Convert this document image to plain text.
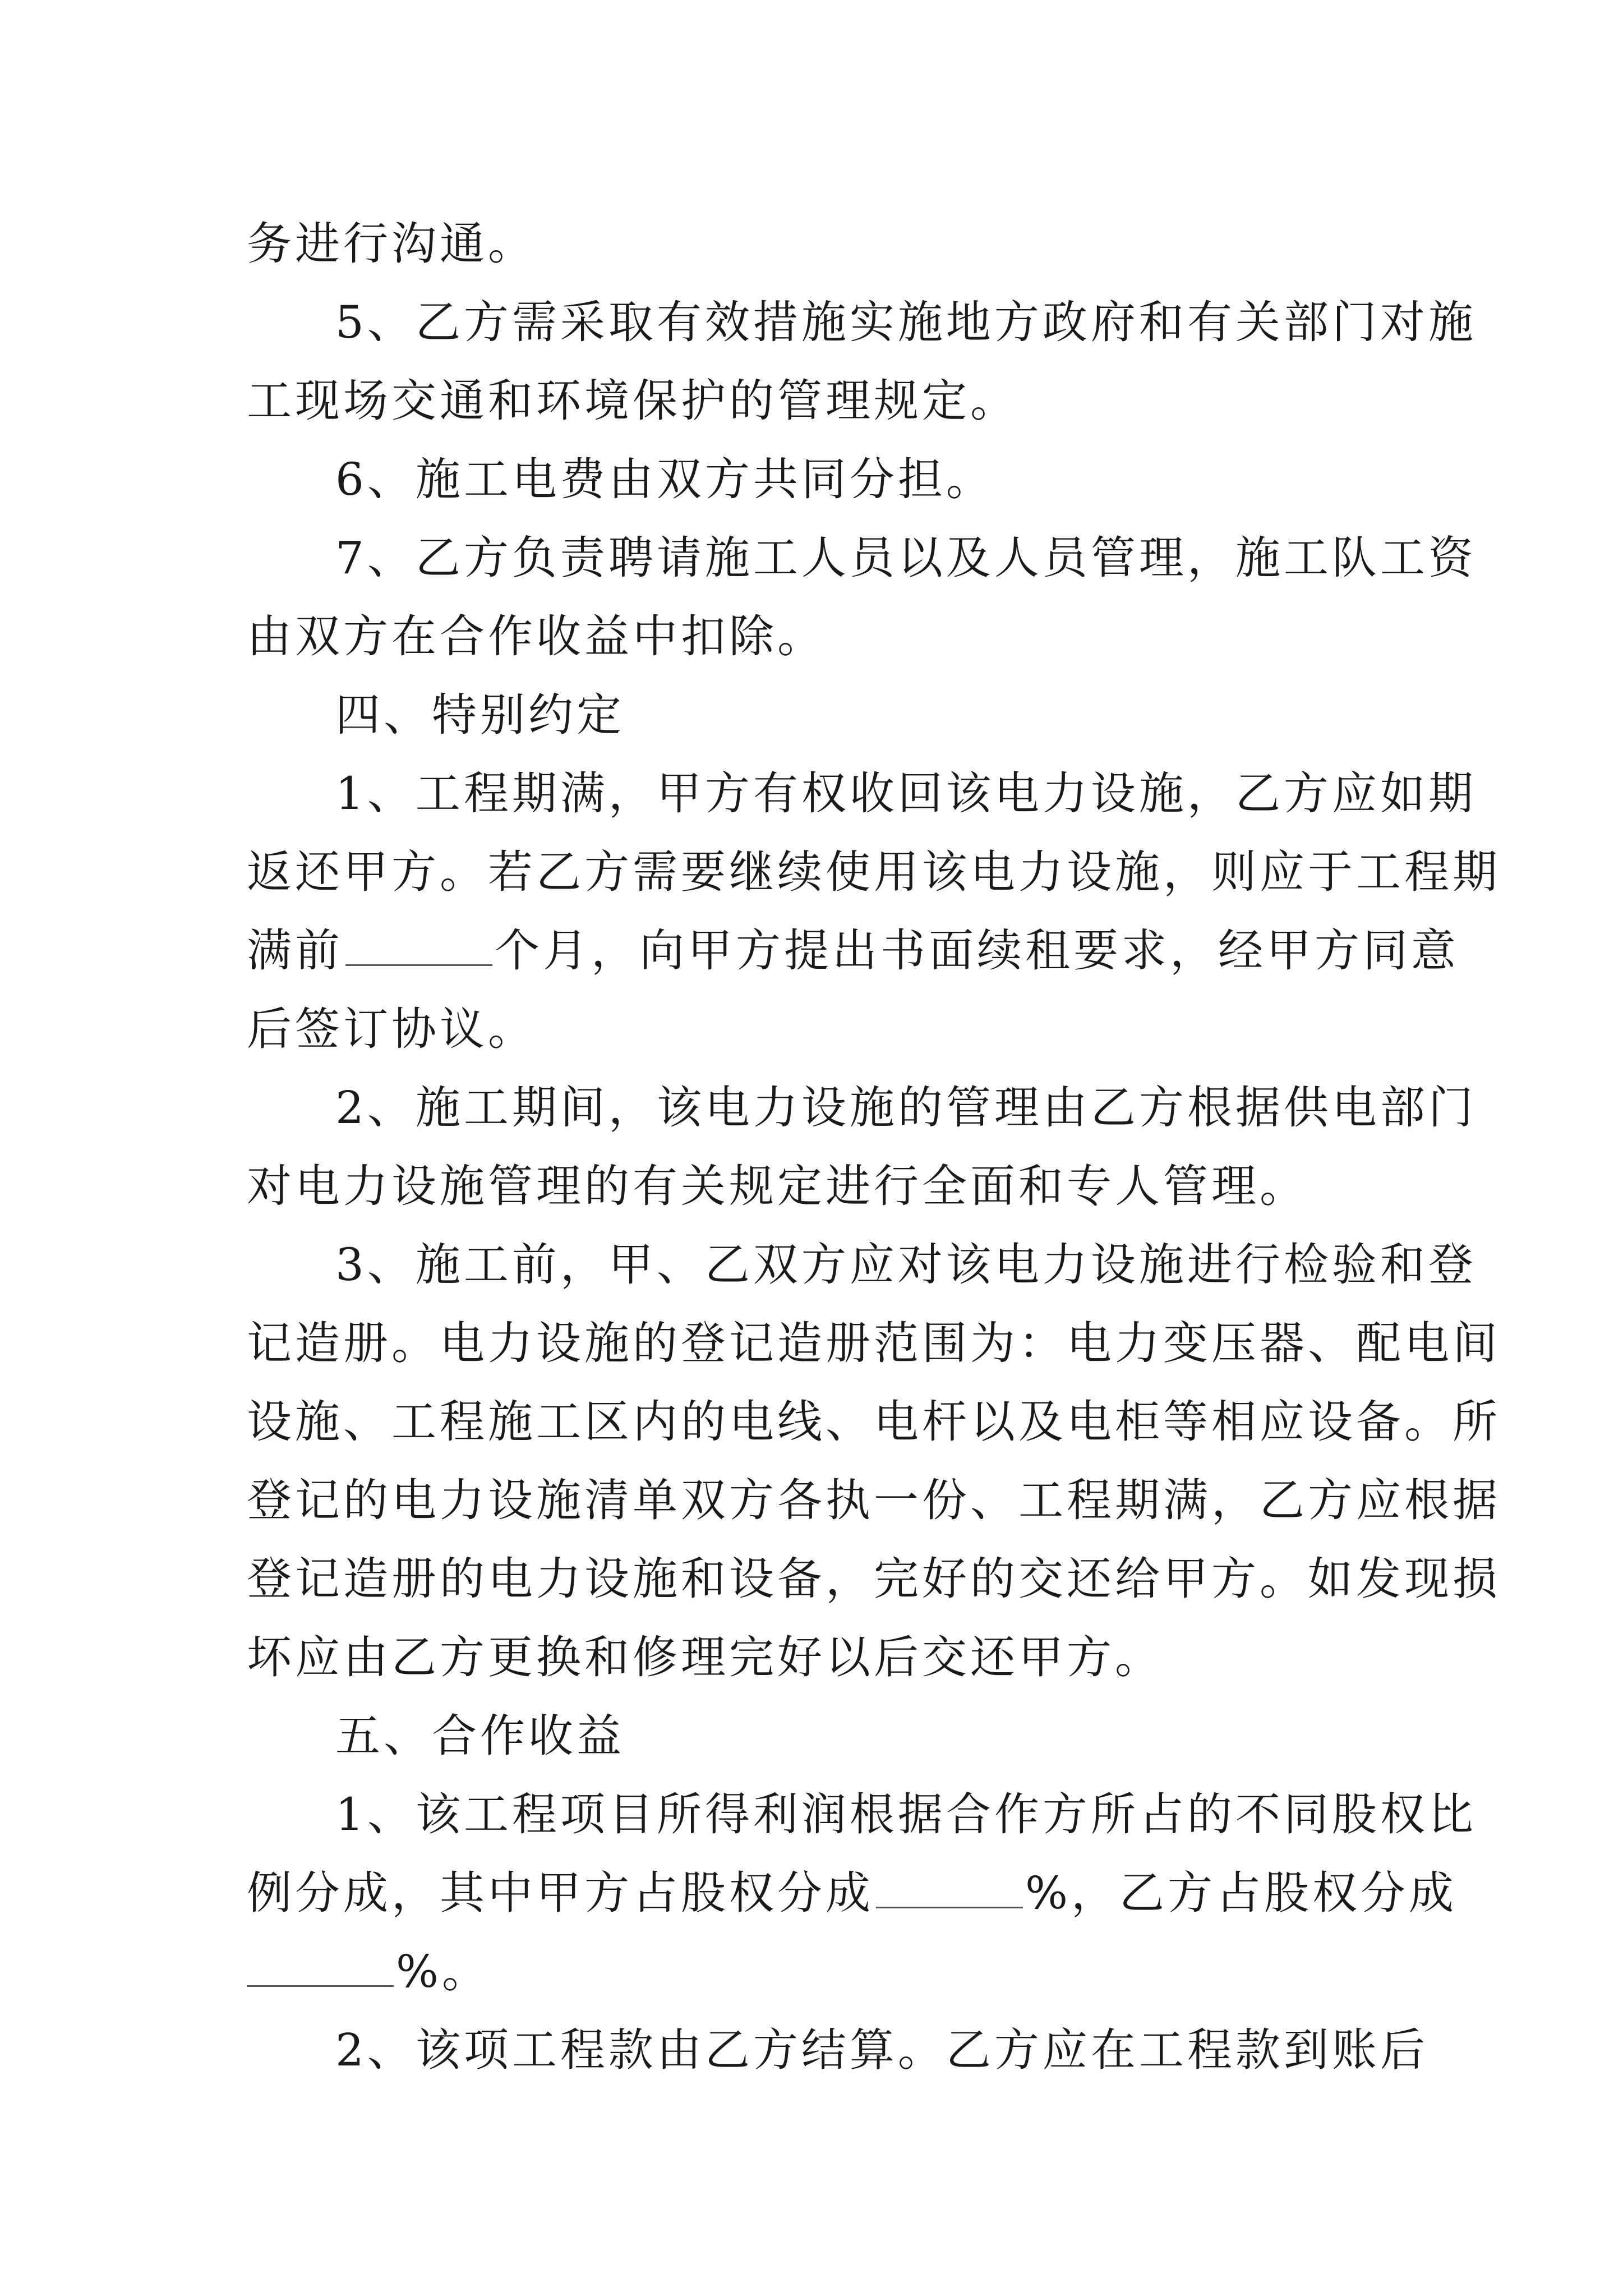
务进行沟通。
5、乙方需采取有效措施实施地方政府和有关部门对施
工现场交通和环境保护的管理规定。
6、施工电费由双方共同分担。
7、乙方负责聘请施工人员以及人员管理，施工队工资
由双方在合作收益中扣除。
四、特别约定
1、工程期满，甲方有权收回该电力设施，乙方应如期
返还甲方。若乙方需要继续使用该电力设施，则应于工程期
满前	个月，向甲方提出书面续租要求，经甲方同意
后签订协议。
2、施工期间，该电力设施的管理由乙方根据供电部门
对电力设施管理的有关规定进行全面和专人管理。
3、施工前，甲、乙双方应对该电力设施进行检验和登
记造册。电力设施的登记造册范围为：电力变压器、配电间
设施、工程施工区内的电线、电杆以及电柜等相应设备。所
登记的电力设施清单双方各执一份、工程期满，乙方应根据
登记造册的电力设施和设备，完好的交还给甲方。如发现损
坏应由乙方更换和修理完好以后交还甲方。
五、合作收益
1、该工程项目所得利润根据合作方所占的不同股权比
例分成，其中甲方占股权分成	%，乙方占股权分成
%。
2、该项工程款由乙方结算。乙方应在工程款到账后
